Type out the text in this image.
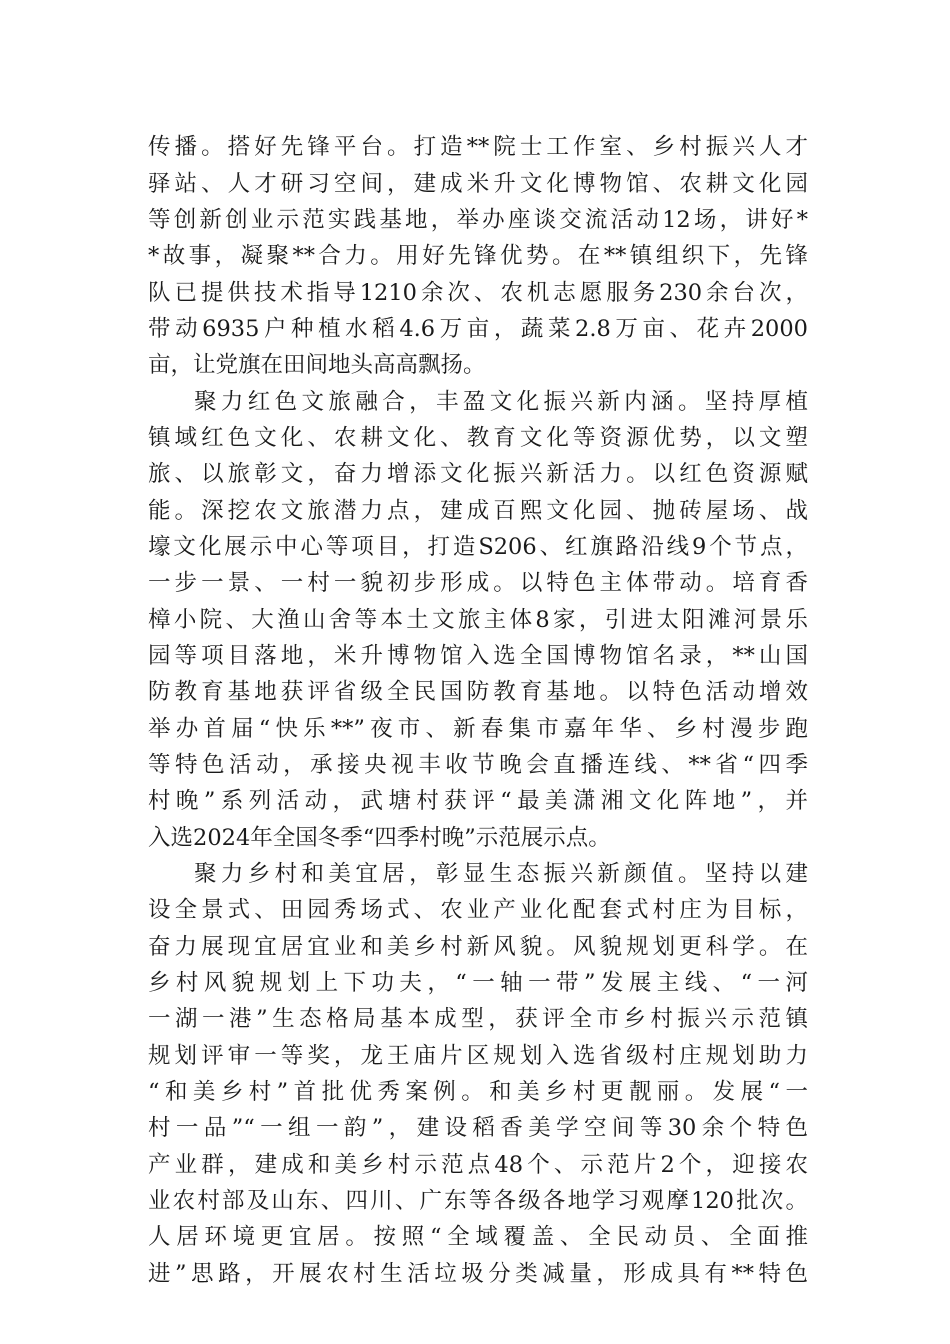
传播。搭好先锋平台。打造**院士工作室、乡村振兴人才
驿站、人才研习空间，建成米升文化博物馆、农耕文化园
等创新创业示范实践基地，举办座谈交流活动12场，讲好*
*故事，凝聚**合力。用好先锋优势。在**镇组织下，先锋
队已提供技术指导1210余次、农机志愿服务230余台次，
带动6935户种植水稻4.6万亩，蔬菜2.8万亩、花卉2000
亩，让党旗在田间地头高高飘扬。
聚力红色文旅融合，丰盈文化振兴新内涵。坚持厚植
镇域红色文化、农耕文化、教育文化等资源优势，以文塑
旅、以旅彰文，奋力增添文化振兴新活力。以红色资源赋
能。深挖农文旅潜力点，建成百熙文化园、抛砖屋场、战
壕文化展示中心等项目，打造S206、红旗路沿线9个节点，
一步一景、一村一貌初步形成。以特色主体带动。培育香
樟小院、大渔山舍等本土文旅主体8家，引进太阳滩河景乐
园等项目落地，米升博物馆入选全国博物馆名录，**山国
防教育基地获评省级全民国防教育基地。以特色活动增效
举办首届“快乐**”夜市、新春集市嘉年华、乡村漫步跑
等特色活动，承接央视丰收节晚会直播连线、**省“四季
村晚”系列活动，武塘村获评“最美潇湘文化阵地”，并
入选2024年全国冬季“四季村晚”示范展示点。
聚力乡村和美宜居，彰显生态振兴新颜值。坚持以建
设全景式、田园秀场式、农业产业化配套式村庄为目标，
奋力展现宜居宜业和美乡村新风貌。风貌规划更科学。在
乡村风貌规划上下功夫，“一轴一带”发展主线、“一河
一湖一港”生态格局基本成型，获评全市乡村振兴示范镇
规划评审一等奖，龙王庙片区规划入选省级村庄规划助力
“和美乡村”首批优秀案例。和美乡村更靓丽。发展“一
村一品”“一组一韵”，建设稻香美学空间等30余个特色
产业群，建成和美乡村示范点48个、示范片2个，迎接农
业农村部及山东、四川、广东等各级各地学习观摩120批次。
人居环境更宜居。按照“全域覆盖、全民动员、全面推
进”思路，开展农村生活垃圾分类减量，形成具有**特色
